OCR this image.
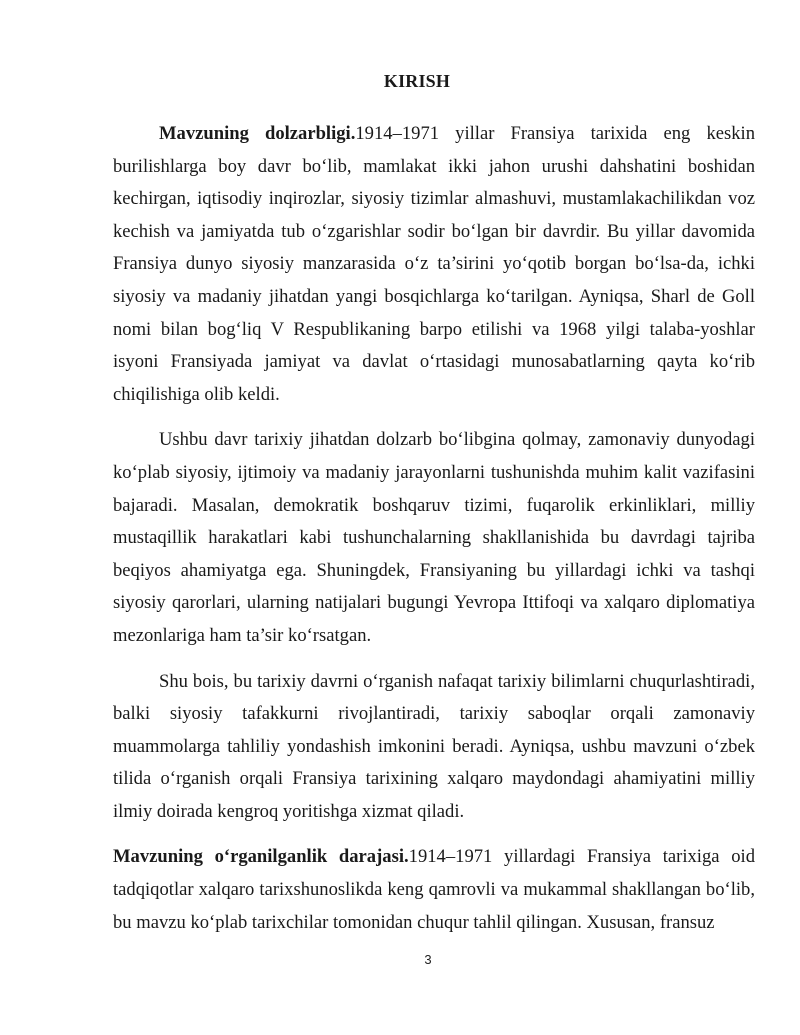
KIRISH

Mavzuning dolzarbligi.1914–1971 yillar Fransiya tarixida eng keskin burilishlarga boy davr bo‘lib, mamlakat ikki jahon urushi dahshatini boshidan kechirgan, iqtisodiy inqirozlar, siyosiy tizimlar almashuvi, mustamlakachilikdan voz kechish va jamiyatda tub o‘zgarishlar sodir bo‘lgan bir davrdir. Bu yillar davomida Fransiya dunyo siyosiy manzarasida o‘z ta’sirini yo‘qotib borgan bo‘lsa-da, ichki siyosiy va madaniy jihatdan yangi bosqichlarga ko‘tarilgan. Ayniqsa, Sharl de Goll nomi bilan bog‘liq V Respublikaning barpo etilishi va 1968 yilgi talaba-yoshlar isyoni Fransiyada jamiyat va davlat o‘rtasidagi munosabatlarning qayta ko‘rib chiqilishiga olib keldi.

Ushbu davr tarixiy jihatdan dolzarb bo‘libgina qolmay, zamonaviy dunyodagi ko‘plab siyosiy, ijtimoiy va madaniy jarayonlarni tushunishda muhim kalit vazifasini bajaradi. Masalan, demokratik boshqaruv tizimi, fuqarolik erkinliklari, milliy mustaqillik harakatlari kabi tushunchalarning shakllanishida bu davrdagi tajriba beqiyos ahamiyatga ega. Shuningdek, Fransiyaning bu yillardagi ichki va tashqi siyosiy qarorlari, ularning natijalari bugungi Yevropa Ittifoqi va xalqaro diplomatiya mezonlariga ham ta’sir ko‘rsatgan.

Shu bois, bu tarixiy davrni o‘rganish nafaqat tarixiy bilimlarni chuqurlashtiradi, balki siyosiy tafakkurni rivojlantiradi, tarixiy saboqlar orqali zamonaviy muammolarga tahliliy yondashish imkonini beradi. Ayniqsa, ushbu mavzuni o‘zbek tilida o‘rganish orqali Fransiya tarixining xalqaro maydondagi ahamiyatini milliy ilmiy doirada kengroq yoritishga xizmat qiladi.

Mavzuning o‘rganilganlik darajasi.1914–1971 yillardagi Fransiya tarixiga oid tadqiqotlar xalqaro tarixshunoslikda keng qamrovli va mukammal shakllangan bo‘lib, bu mavzu ko‘plab tarixchilar tomonidan chuqur tahlil qilingan. Xususan, fransuz

3
